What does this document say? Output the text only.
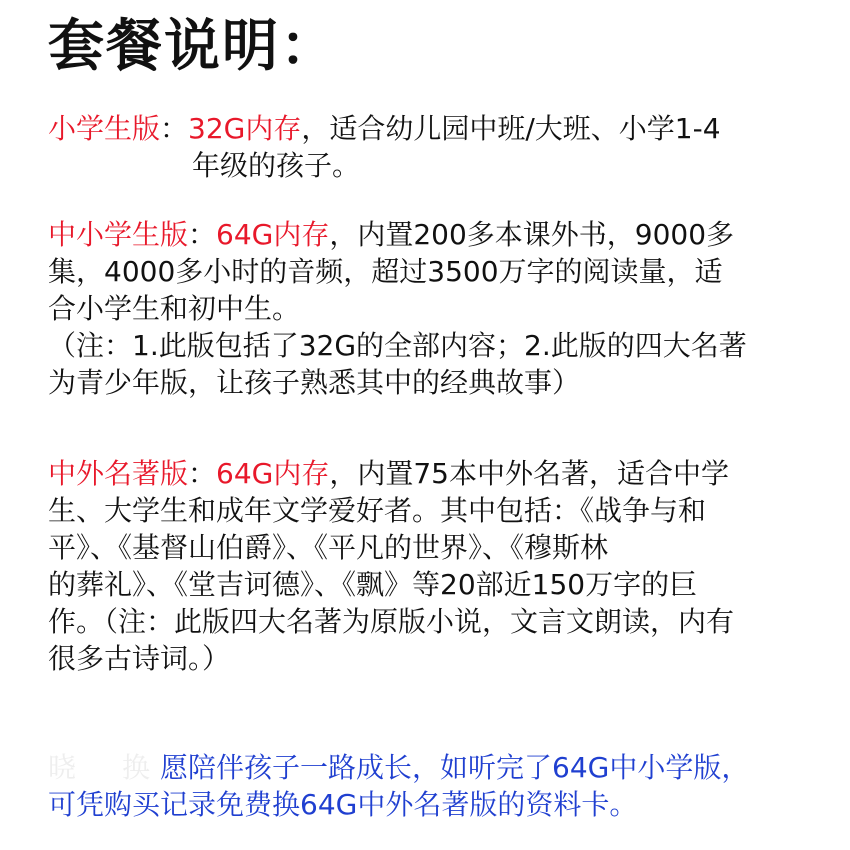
套餐说明：
小学生版：32G内存，适合幼儿园中班/大班、小学1-4
年级的孩子。
中小学生版：64G内存，内置200多本课外书，9000多
集，4000多小时的音频，超过3500万字的阅读量，适
合小学生和初中生。
（注：1.此版包括了32G的全部内容；2.此版的四大名著
为青少年版，让孩子熟悉其中的经典故事）
中外名著版：64G内存，内置75本中外名著，适合中学
生、大学生和成年文学爱好者。其中包括：《战争与和
平》、《基督山伯爵》、《平凡的世界》、《穆斯林
的葬礼》、《堂吉诃德》、《飘》等20部近150万字的巨
作。（注：此版四大名著为原版小说，文言文朗读，内有
很多古诗词。）
晓 换 愿陪伴孩子一路成长，如听完了64G中小学版，
可凭购买记录免费换64G中外名著版的资料卡。
